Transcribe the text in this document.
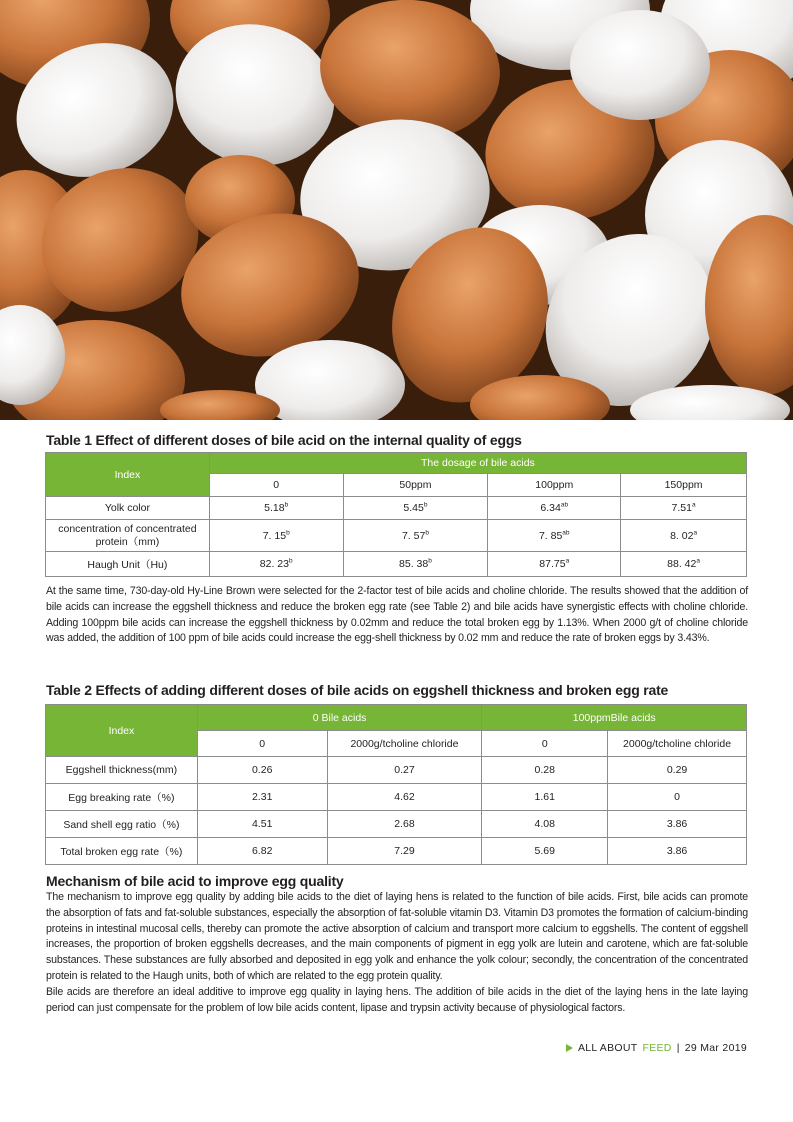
Table 1 Effect of different doses of bile acid on the internal quality of eggs
Index	The dosage of bile acids			
	0	50ppm	100ppm	150ppm
Yolk color	5.18$^b$	5.45$^b$	6.34$^{ab}$	7.51$^a$
concentration of concentrated protein（mm)	7. 15$^b$	7. 57$^b$	7. $85^{ab}$	8. 02$^a$
Haugh Unit（Hu)	82. 23$^b$	85. 38$^b$	87.75$^a$	88. 42$^a$

At the same time, 730-day-old Hy-Line Brown were selected for the 2-factor test of bile acids and choline chloride. The results showed that the addition of bile acids can increase the eggshell thickness and reduce the broken egg rate (see Table 2) and bile acids have synergistic effects with choline chloride. Adding 100ppm bile acids can increase the eggshell thickness by 0.02mm and reduce the total broken egg by 1.13%. When 2000 g/t of choline chloride was added, the addition of 100 ppm of bile acids could increase the egg-shell thickness by 0.02 mm and reduce the rate of broken eggs by 3.43%.

Table 2 Effects of adding different doses of bile acids on eggshell thickness and broken egg rate
Index	0 Bile acids		100ppmBile acids	
	0	2000g/tcholine chloride	0	2000g/tcholine chloride
Eggshell thickness(mm)	0.26	0.27	0.28	0.29
Egg breaking rate（%)	2.31	4.62	1.61	0
Sand shell egg ratio（%)	4.51	2.68	4.08	3.86
Total broken egg rate（%)	6.82	7.29	5.69	3.86
Mechanism of bile acid to improve egg quality

The mechanism to improve egg quality by adding bile acids to the diet of laying hens is related to the function of bile acids. First, bile acids can promote the absorption of fats and fat-soluble substances, especially the absorption of fat-soluble vitamin D3. Vitamin D3 promotes the formation of calcium-binding proteins in intestinal mucosal cells, thereby can promote the active absorption of calcium and transport more calcium to eggshells. The content of eggshell increases, the proportion of broken eggshells decreases, and the main components of pigment in egg yolk are lutein and carotene, which are fat-soluble substances. These substances are fully absorbed and deposited in egg yolk and enhance the yolk colour; secondly, the concentration of the concentrated protein is related to the Haugh units, both of which are related to the egg protein quality.

Bile acids are therefore an ideal additive to improve egg quality in laying hens. The addition of bile acids in the diet of the laying hens in the late laying period can just compensate for the problem of low bile acids content, lipase and trypsin activity because of physiological factors.

ALL ABOUT FEED | 29 Mar 2019
